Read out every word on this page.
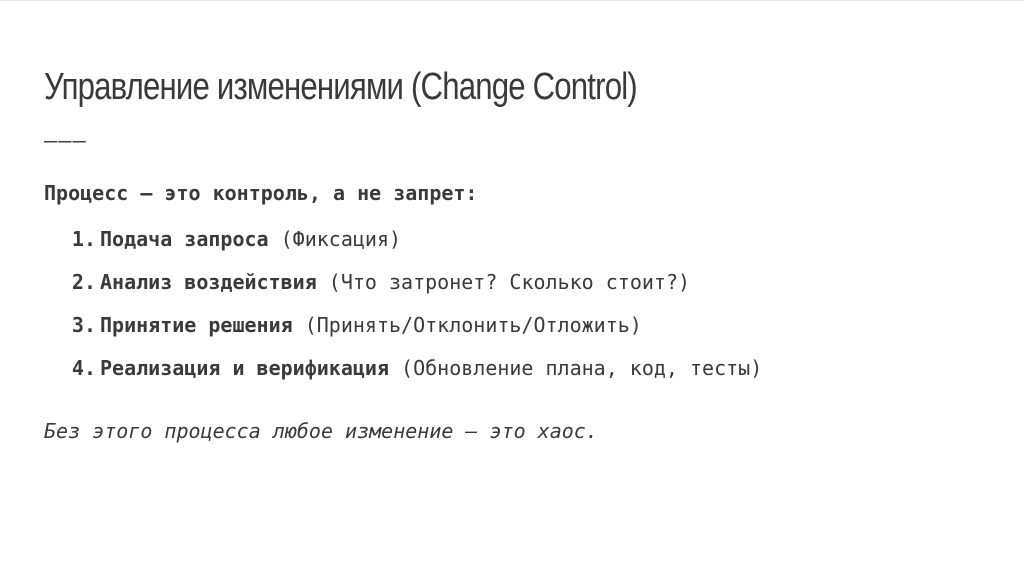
Управление изменениями (Change Control)
———
Процесс — это контроль, а не запрет:
1. Подача запроса (Фиксация)
2. Анализ воздействия (Что затронет? Сколько стоит?)
3. Принятие решения (Принять/Отклонить/Отложить)
4. Реализация и верификация (Обновление плана, код, тесты)
Без этого процесса любое изменение — это хаос.
